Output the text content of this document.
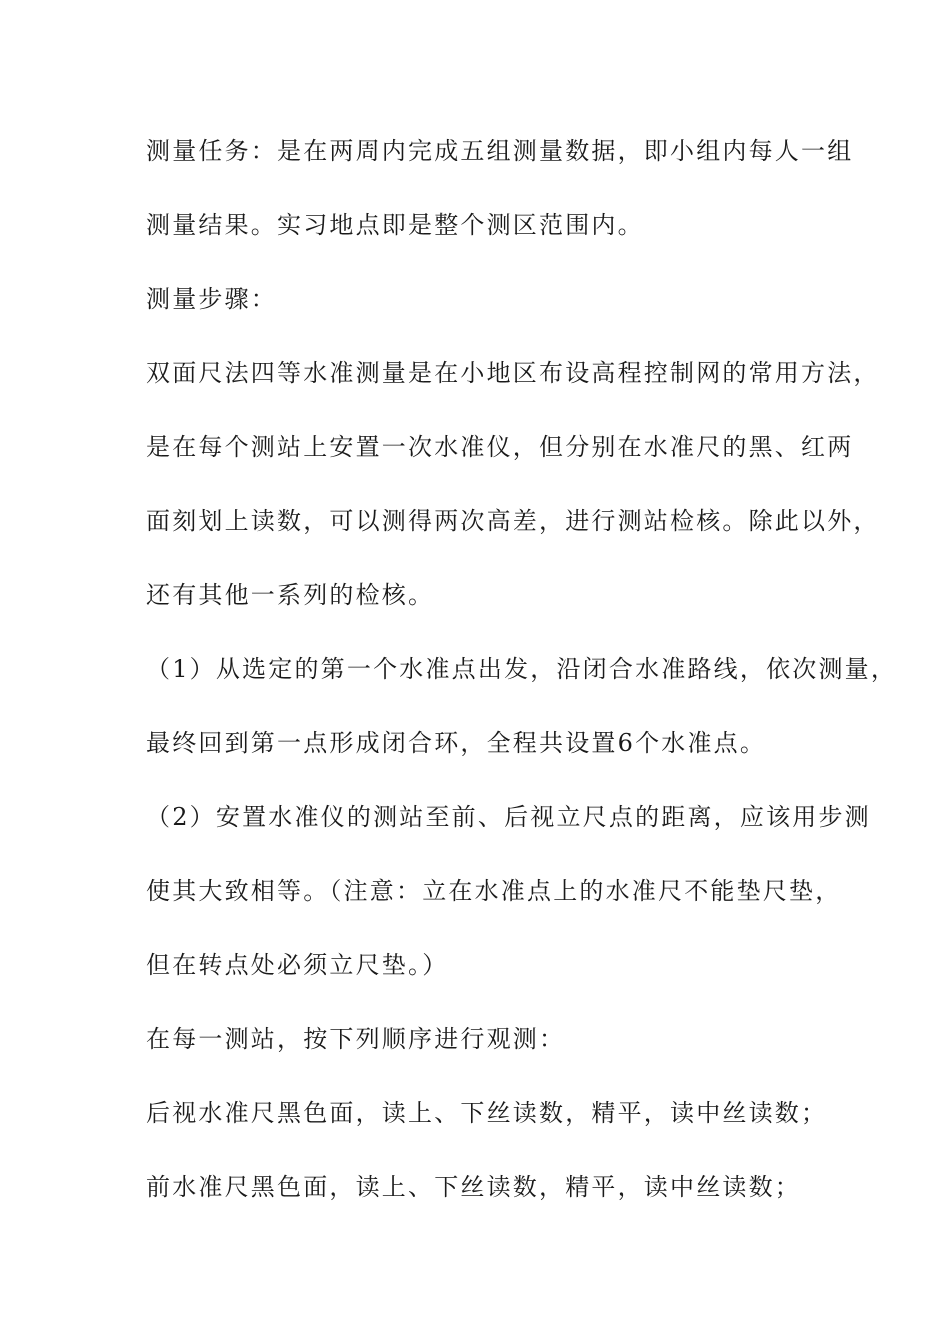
测量任务：是在两周内完成五组测量数据，即小组内每人一组

测量结果。实习地点即是整个测区范围内。

测量步骤：

双面尺法四等水准测量是在小地区布设高程控制网的常用方法，

是在每个测站上安置一次水准仪，但分别在水准尺的黑、红两

面刻划上读数，可以测得两次高差，进行测站检核。除此以外，

还有其他一系列的检核。

（1）从选定的第一个水准点出发，沿闭合水准路线，依次测量，

最终回到第一点形成闭合环，全程共设置6个水准点。

（2）安置水准仪的测站至前、后视立尺点的距离，应该用步测

使其大致相等。（注意：立在水准点上的水准尺不能垫尺垫，

但在转点处必须立尺垫。）

在每一测站，按下列顺序进行观测：

后视水准尺黑色面，读上、下丝读数，精平，读中丝读数；

前水准尺黑色面，读上、下丝读数，精平，读中丝读数；
